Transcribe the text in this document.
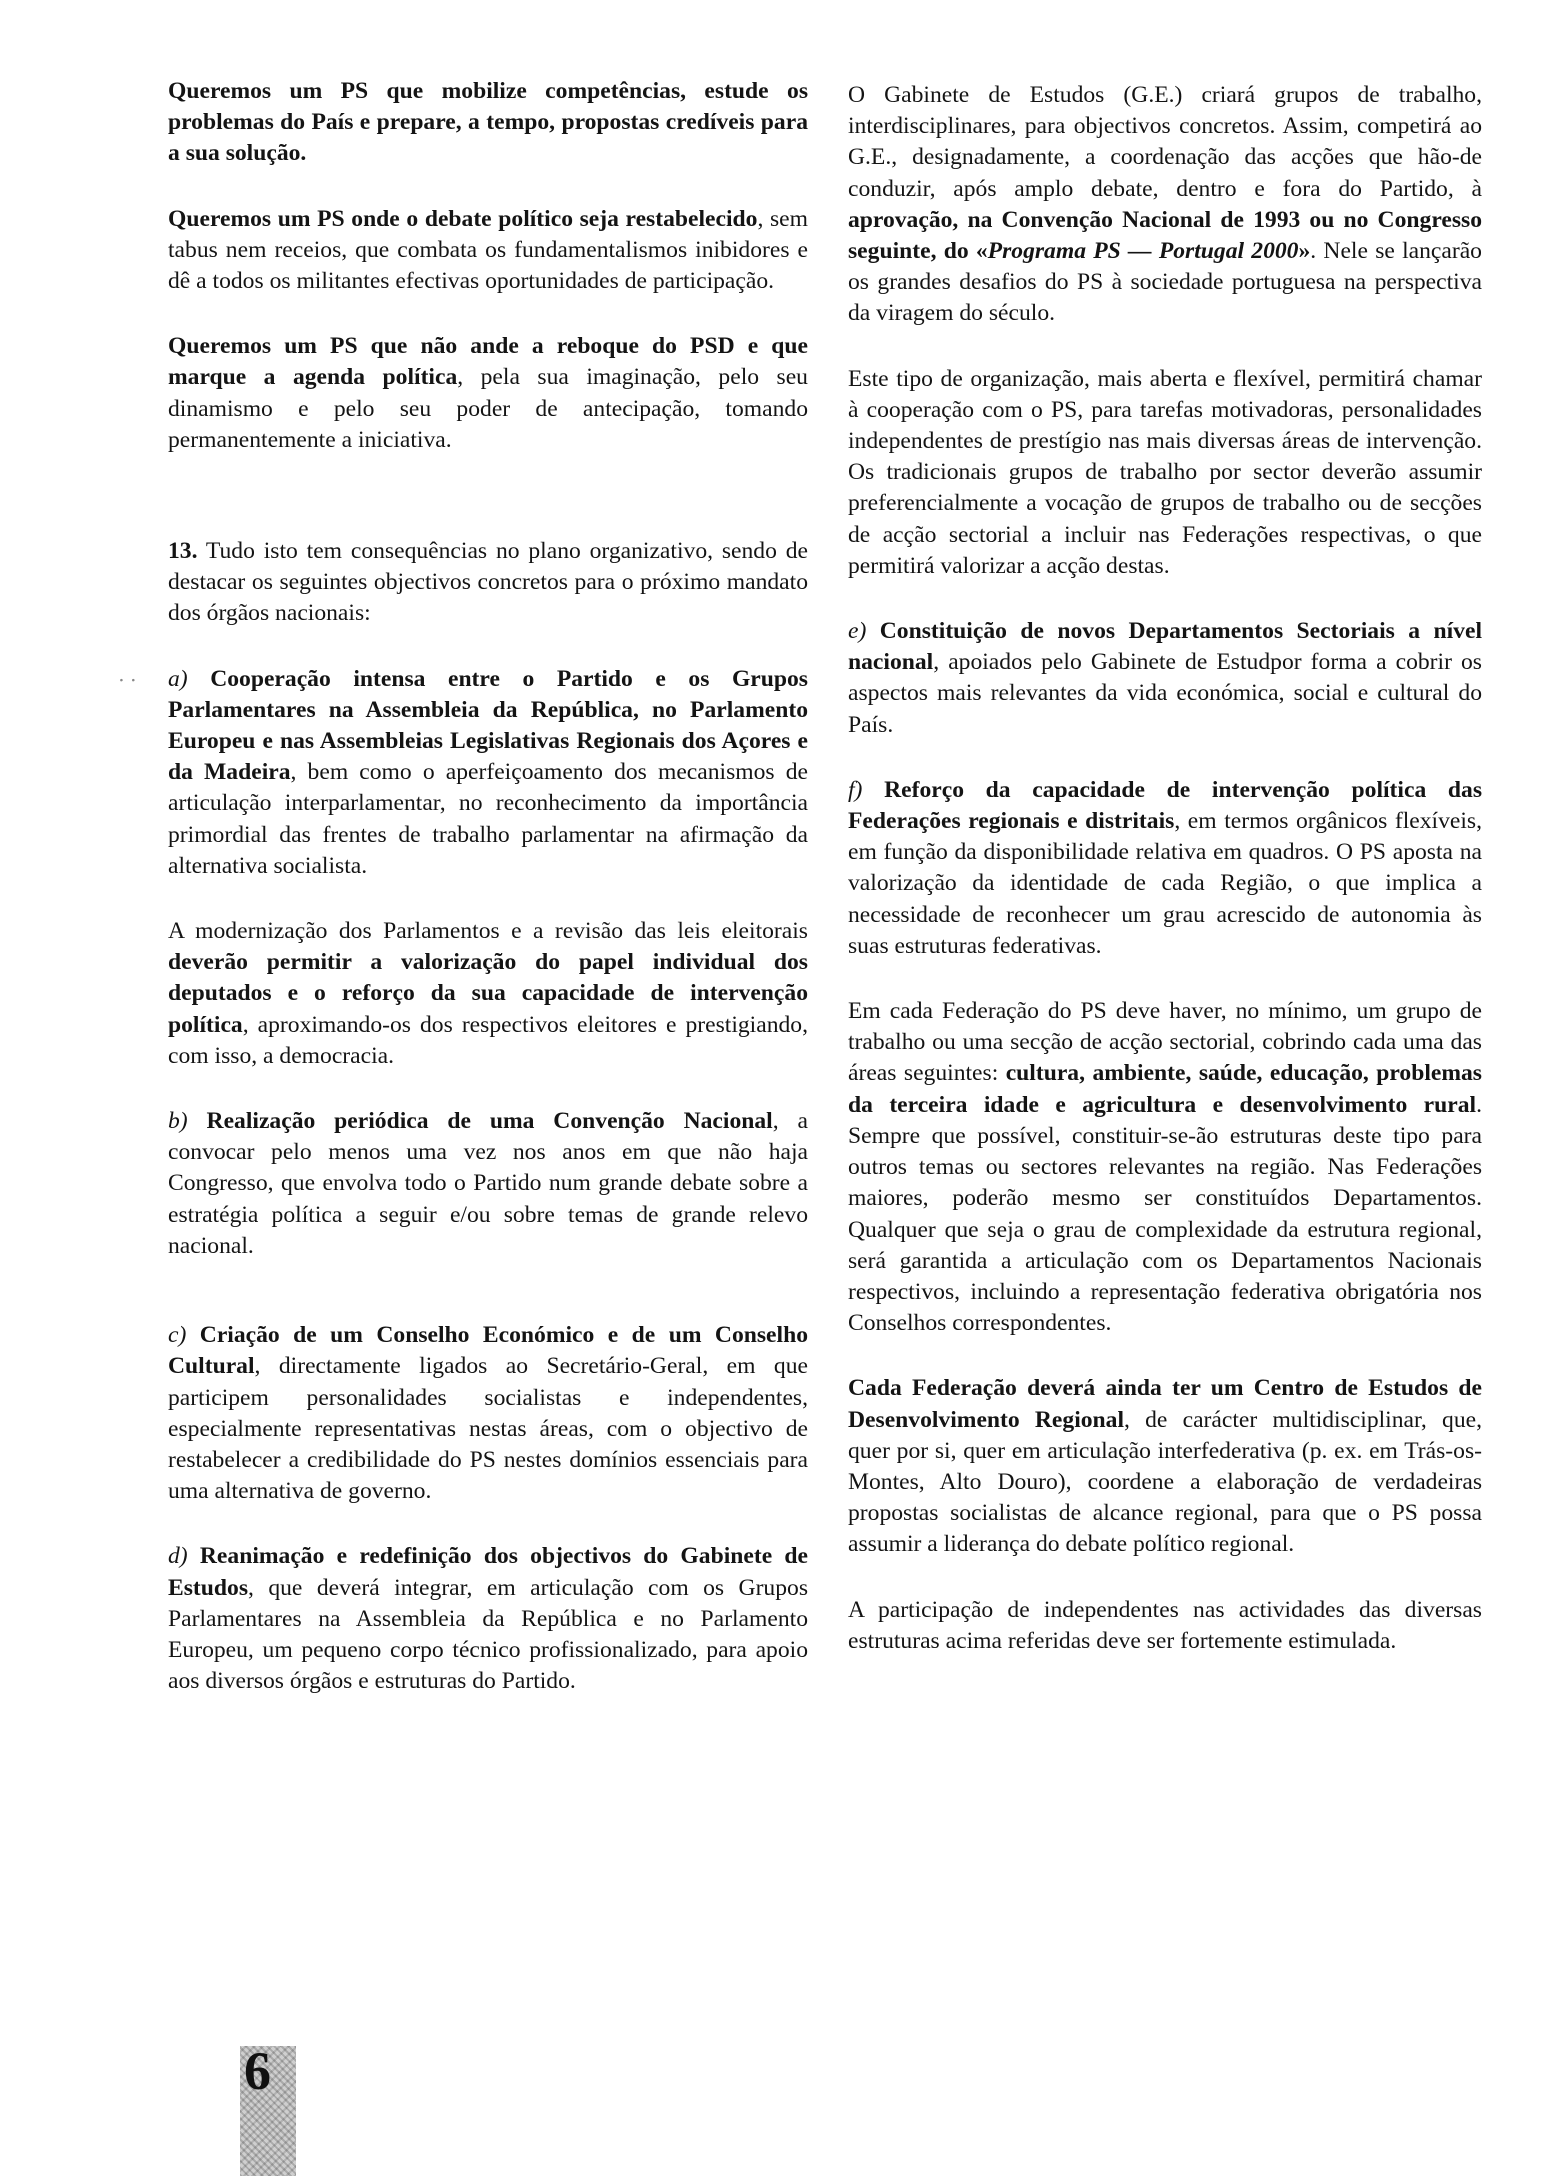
Queremos um PS que mobilize competências, estude os problemas do País e prepare, a tempo, propostas credíveis para a sua solução.

Queremos um PS onde o debate político seja restabelecido, sem tabus nem receios, que combata os fundamentalismos inibidores e dê a todos os militantes efectivas oportunidades de participação.

Queremos um PS que não ande a reboque do PSD e que marque a agenda política, pela sua imaginação, pelo seu dinamismo e pelo seu poder de antecipação, tomando permanentemente a iniciativa.

13. Tudo isto tem consequências no plano organizativo, sendo de destacar os seguintes objectivos concretos para o próximo mandato dos órgãos nacionais:

a) Cooperação intensa entre o Partido e os Grupos Parlamentares na Assembleia da República, no Parlamento Europeu e nas Assembleias Legislativas Regionais dos Açores e da Madeira, bem como o aperfeiçoamento dos mecanismos de articulação interparlamentar, no reconhecimento da importância primordial das frentes de trabalho parlamentar na afirmação da alternativa socialista.

A modernização dos Parlamentos e a revisão das leis eleitorais deverão permitir a valorização do papel individual dos deputados e o reforço da sua capacidade de intervenção política, aproximando-os dos respectivos eleitores e prestigiando, com isso, a democracia.

b) Realização periódica de uma Convenção Nacional, a convocar pelo menos uma vez nos anos em que não haja Congresso, que envolva todo o Partido num grande debate sobre a estratégia política a seguir e/ou sobre temas de grande relevo nacional.

c) Criação de um Conselho Económico e de um Conselho Cultural, directamente ligados ao Secretário-Geral, em que participem personalidades socialistas e independentes, especialmente representativas nestas áreas, com o objectivo de restabelecer a credibilidade do PS nestes domínios essenciais para uma alternativa de governo.

d) Reanimação e redefinição dos objectivos do Gabinete de Estudos, que deverá integrar, em articulação com os Grupos Parlamentares na Assembleia da República e no Parlamento Europeu, um pequeno corpo técnico profissionalizado, para apoio aos diversos órgãos e estruturas do Partido.

O Gabinete de Estudos (G.E.) criará grupos de trabalho, interdisciplinares, para objectivos concretos. Assim, competirá ao G.E., designadamente, a coordenação das acções que hão-de conduzir, após amplo debate, dentro e fora do Partido, à aprovação, na Convenção Nacional de 1993 ou no Congresso seguinte, do «Programa PS — Portugal 2000». Nele se lançarão os grandes desafios do PS à sociedade portuguesa na perspectiva da viragem do século.

Este tipo de organização, mais aberta e flexível, permitirá chamar à cooperação com o PS, para tarefas motivadoras, personalidades independentes de prestígio nas mais diversas áreas de intervenção. Os tradicionais grupos de trabalho por sector deverão assumir preferencialmente a vocação de grupos de trabalho ou de secções de acção sectorial a incluir nas Federações respectivas, o que permitirá valorizar a acção destas.

e) Constituição de novos Departamentos Sectoriais a nível nacional, apoiados pelo Gabinete de Estudpor forma a cobrir os aspectos mais relevantes da vida económica, social e cultural do País.

f) Reforço da capacidade de intervenção política das Federações regionais e distritais, em termos orgânicos flexíveis, em função da disponibilidade relativa em quadros. O PS aposta na valorização da identidade de cada Região, o que implica a necessidade de reconhecer um grau acrescido de autonomia às suas estruturas federativas.

Em cada Federação do PS deve haver, no mínimo, um grupo de trabalho ou uma secção de acção sectorial, cobrindo cada uma das áreas seguintes: cultura, ambiente, saúde, educação, problemas da terceira idade e agricultura e desenvolvimento rural. Sempre que possível, constituir-se-ão estruturas deste tipo para outros temas ou sectores relevantes na região. Nas Federações maiores, poderão mesmo ser constituídos Departamentos. Qualquer que seja o grau de complexidade da estrutura regional, será garantida a articulação com os Departamentos Nacionais respectivos, incluindo a representação federativa obrigatória nos Conselhos correspondentes.

Cada Federação deverá ainda ter um Centro de Estudos de Desenvolvimento Regional, de carácter multidisciplinar, que, quer por si, quer em articulação interfederativa (p. ex. em Trás-os-Montes, Alto Douro), coordene a elaboração de verdadeiras propostas socialistas de alcance regional, para que o PS possa assumir a liderança do debate político regional.

A participação de independentes nas actividades das diversas estruturas acima referidas deve ser fortemente estimulada.

⋅ ⋅
6
